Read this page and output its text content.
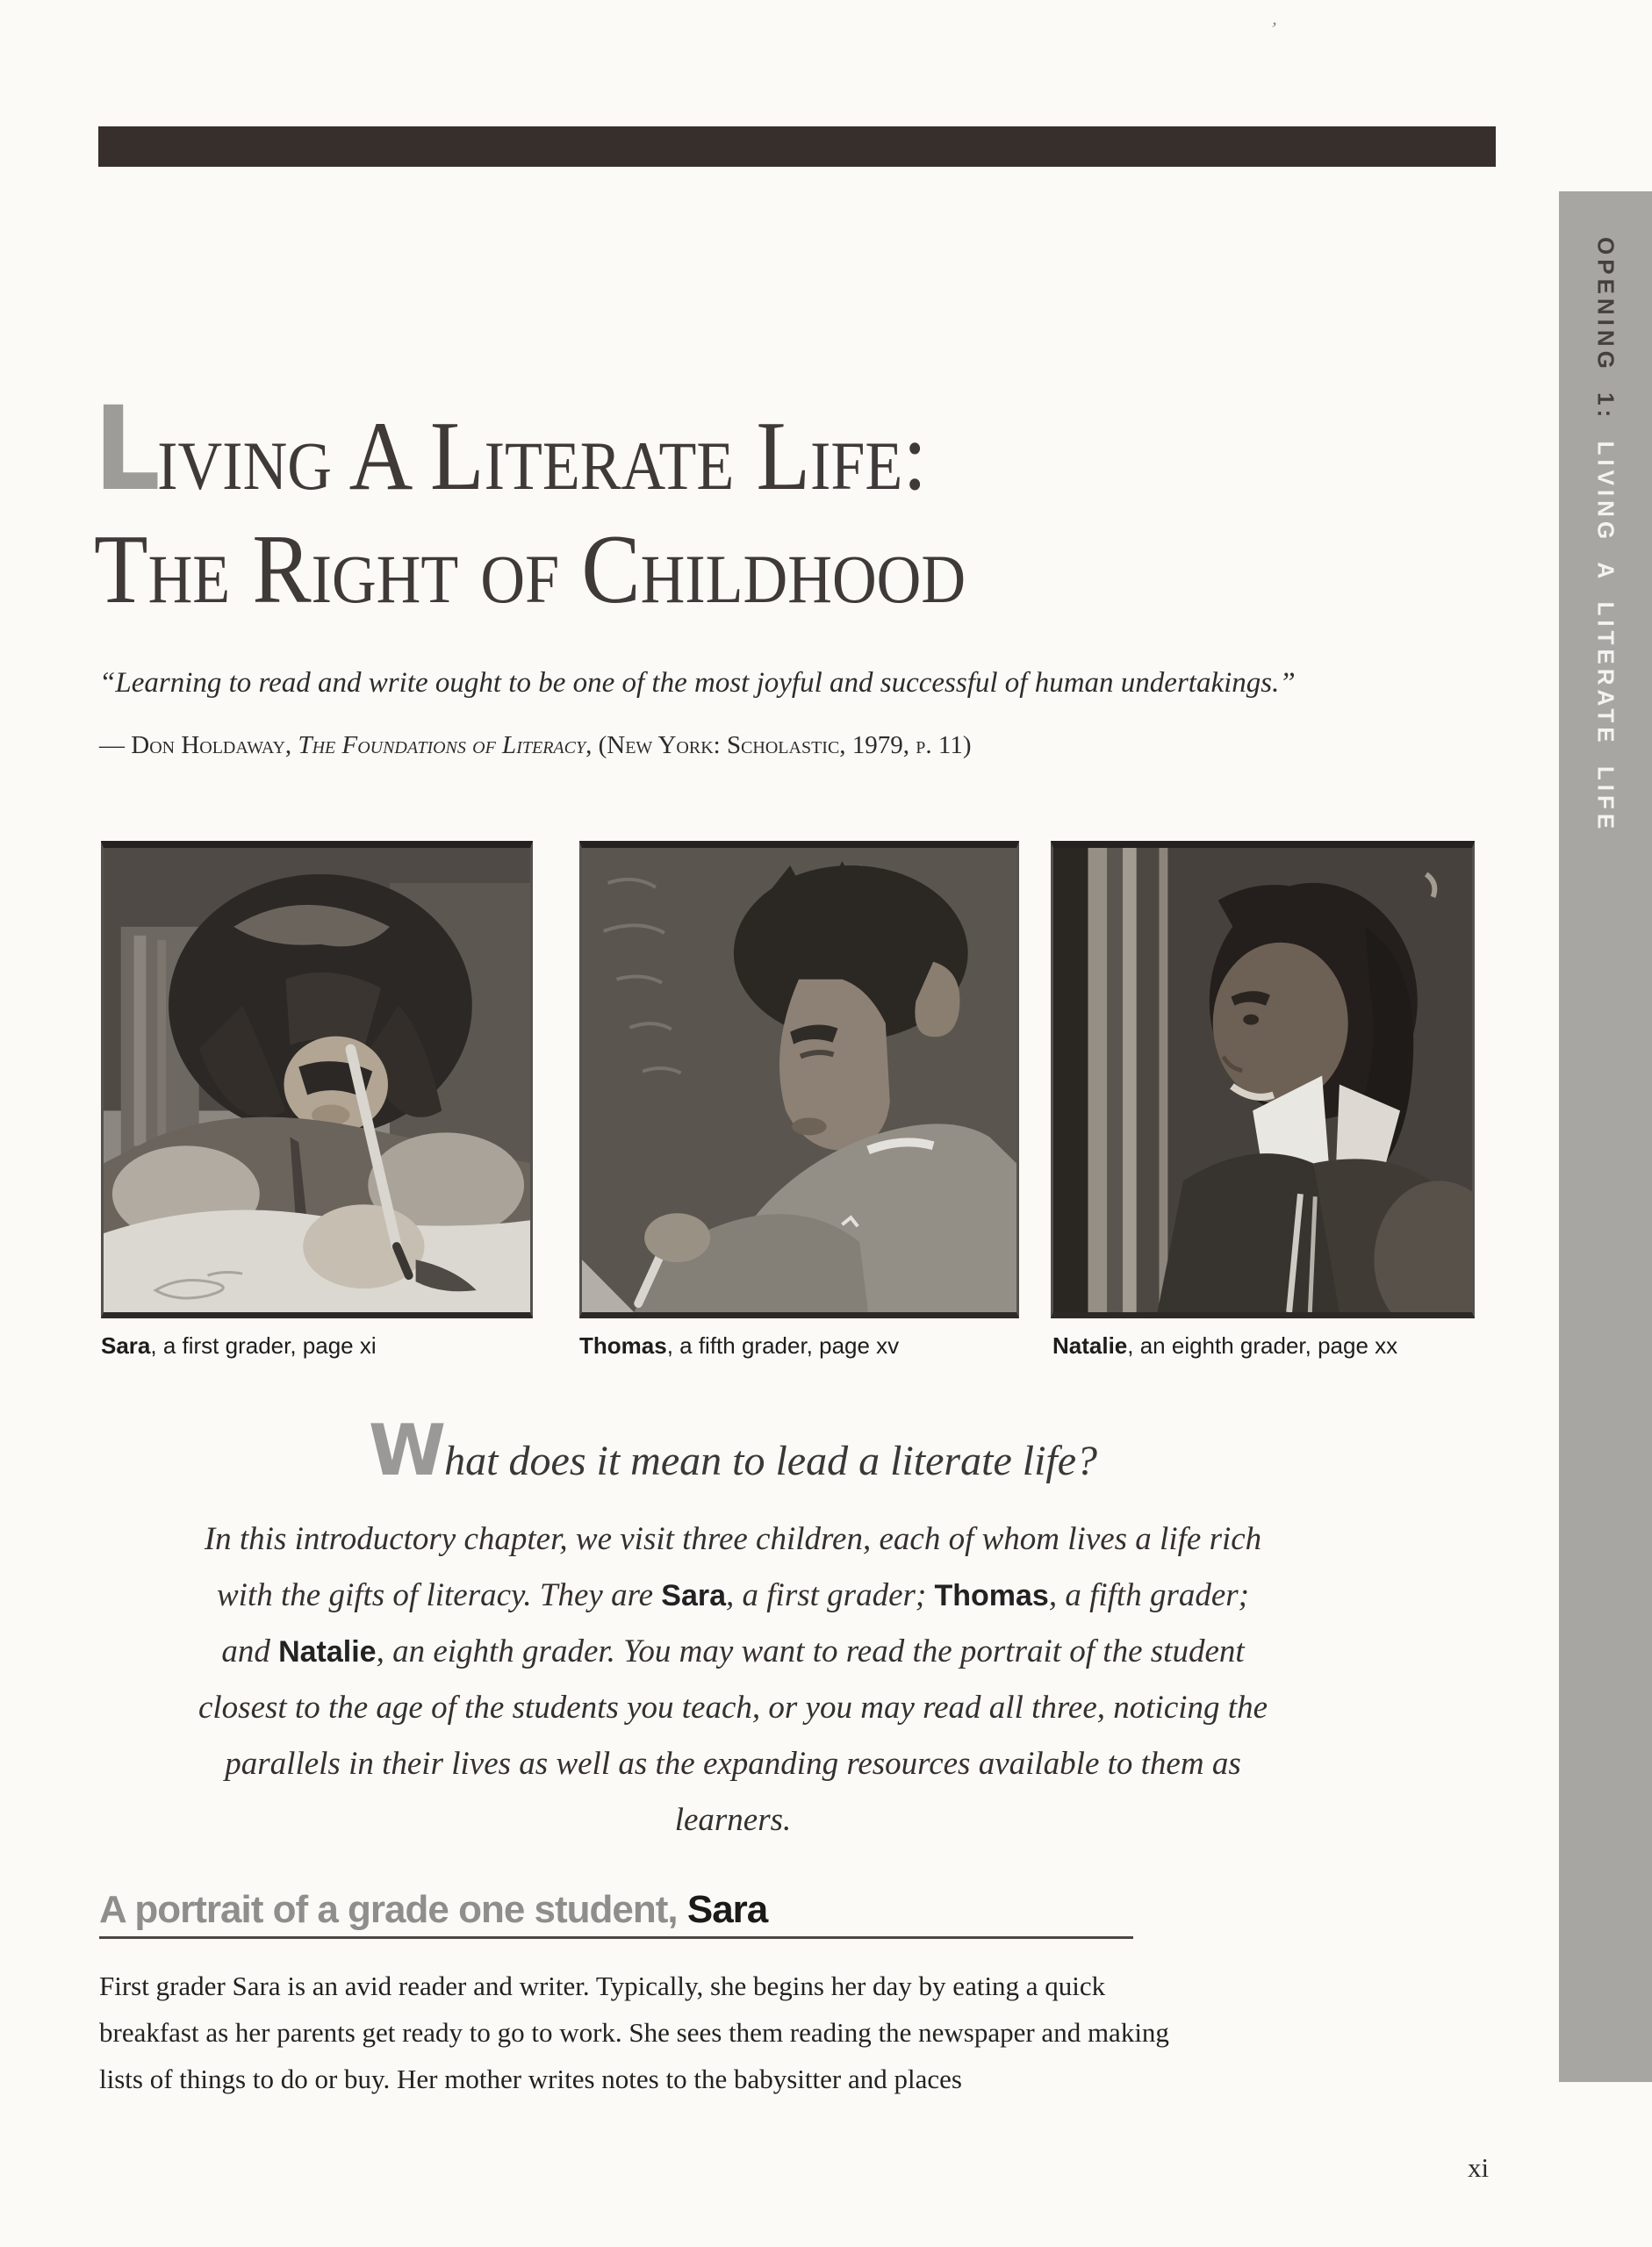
’
OPENING 1: LIVING A LITERATE LIFE
Living A Literate Life:
The Right of Childhood
“Learning to read and write ought to be one of the most joyful and successful of human undertakings.”
— Don Holdaway, The Foundations of Literacy, (New York: Scholastic, 1979, p. 11)
Sara, a first grader, page xi	Thomas, a fifth grader, page xv	Natalie, an eighth grader, page xx
What does it mean to lead a literate life?
In this introductory chapter, we visit three children, each of whom lives a life rich with the gifts of literacy. They are Sara, a first grader; Thomas, a fifth grader; and Natalie, an eighth grader. You may want to read the portrait of the student closest to the age of the students you teach, or you may read all three, noticing the parallels in their lives as well as the expanding resources available to them as learners.
A portrait of a grade one student, Sara
First grader Sara is an avid reader and writer. Typically, she begins her day by eating a quick breakfast as her parents get ready to go to work. She sees them reading the newspaper and making lists of things to do or buy. Her mother writes notes to the babysitter and places
xi
